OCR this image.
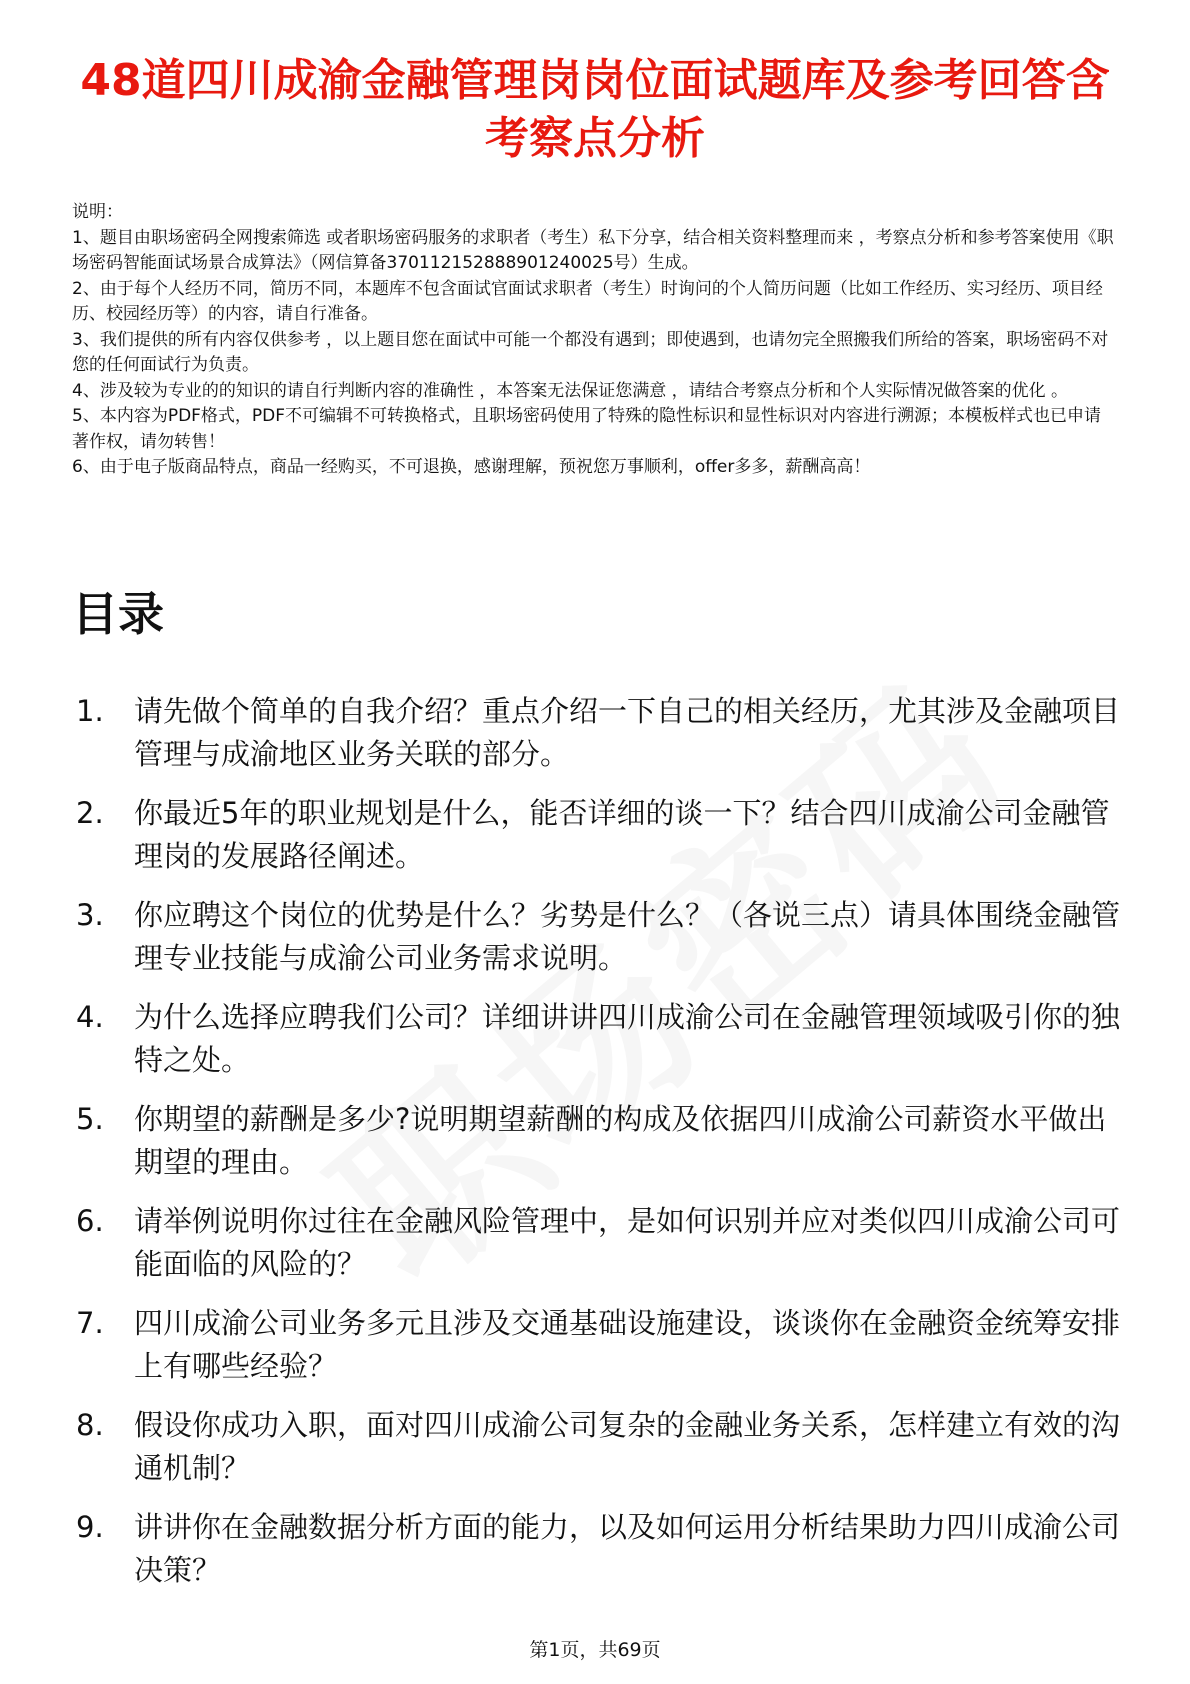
48道四川成渝金融管理岗岗位面试题库及参考回答含考察点分析

说明：

1、题目由职场密码全网搜索筛选 或者职场密码服务的求职者（考生）私下分享，结合相关资料整理而来 ，考察点分析和参考答案使用《职场密码智能面试场景合成算法》（网信算备370112152888901240025号）生成。

2、由于每个人经历不同，简历不同，本题库不包含面试官面试求职者（考生）时询问的个人简历问题（比如工作经历、实习经历、项目经历、校园经历等）的内容，请自行准备。

3、我们提供的所有内容仅供参考 ，以上题目您在面试中可能一个都没有遇到；即使遇到，也请勿完全照搬我们所给的答案，职场密码不对您的任何面试行为负责。

4、涉及较为专业的的知识的请自行判断内容的准确性 ，本答案无法保证您满意 ，请结合考察点分析和个人实际情况做答案的优化 。

5、本内容为PDF格式，PDF不可编辑不可转换格式，且职场密码使用了特殊的隐性标识和显性标识对内容进行溯源；本模板样式也已申请著作权，请勿转售！

6、由于电子版商品特点，商品一经购买，不可退换，感谢理解，预祝您万事顺利，offer多多，薪酬高高！

目录
1.	请先做个简单的自我介绍？重点介绍一下自己的相关经历，尤其涉及金融项目管理与成渝地区业务关联的部分。
2.	你最近5年的职业规划是什么，能否详细的谈一下？结合四川成渝公司金融管理岗的发展路径阐述。
3.	你应聘这个岗位的优势是什么？劣势是什么？（各说三点）请具体围绕金融管理专业技能与成渝公司业务需求说明。
4.	为什么选择应聘我们公司？详细讲讲四川成渝公司在金融管理领域吸引你的独特之处。
5.	你期望的薪酬是多少?说明期望薪酬的构成及依据四川成渝公司薪资水平做出期望的理由。
6.	请举例说明你过往在金融风险管理中，是如何识别并应对类似四川成渝公司可能面临的风险的？
7.	四川成渝公司业务多元且涉及交通基础设施建设，谈谈你在金融资金统筹安排上有哪些经验？
8.	假设你成功入职，面对四川成渝公司复杂的金融业务关系，怎样建立有效的沟通机制？
9.	讲讲你在金融数据分析方面的能力，以及如何运用分析结果助力四川成渝公司决策？
第1页，共69页
